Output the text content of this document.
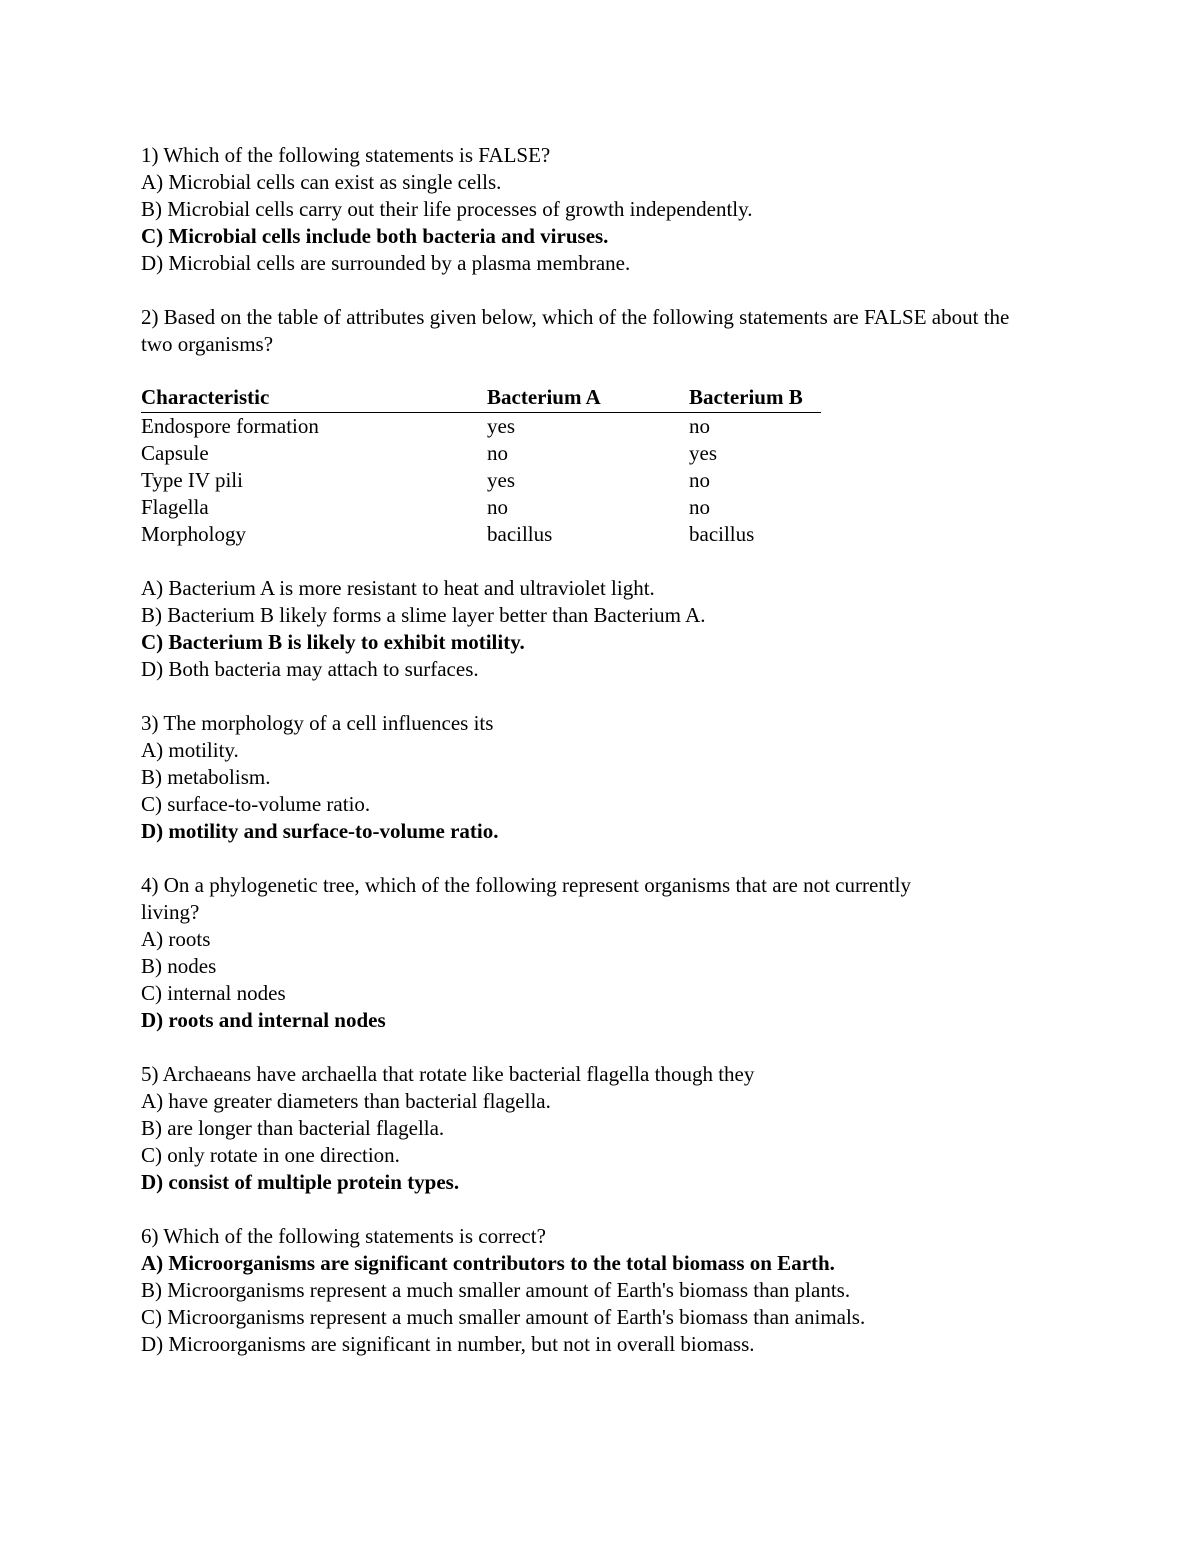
1) Which of the following statements is FALSE?
A) Microbial cells can exist as single cells.
B) Microbial cells carry out their life processes of growth independently.
C) Microbial cells include both bacteria and viruses.
D) Microbial cells are surrounded by a plasma membrane.
2) Based on the table of attributes given below, which of the following statements are FALSE about the two organisms?
Characteristic	Bacterium A	Bacterium B
Endospore formation	yes	no
Capsule	no	yes
Type IV pili	yes	no
Flagella	no	no
Morphology	bacillus	bacillus
A) Bacterium A is more resistant to heat and ultraviolet light.
B) Bacterium B likely forms a slime layer better than Bacterium A.
C) Bacterium B is likely to exhibit motility.
D) Both bacteria may attach to surfaces.
3) The morphology of a cell influences its
A) motility.
B) metabolism.
C) surface-to-volume ratio.
D) motility and surface-to-volume ratio.
4) On a phylogenetic tree, which of the following represent organisms that are not currently
living?
A) roots
B) nodes
C) internal nodes
D) roots and internal nodes
5) Archaeans have archaella that rotate like bacterial flagella though they
A) have greater diameters than bacterial flagella.
B) are longer than bacterial flagella.
C) only rotate in one direction.
D) consist of multiple protein types.
6) Which of the following statements is correct?
A) Microorganisms are significant contributors to the total biomass on Earth.
B) Microorganisms represent a much smaller amount of Earth's biomass than plants.
C) Microorganisms represent a much smaller amount of Earth's biomass than animals.
D) Microorganisms are significant in number, but not in overall biomass.
